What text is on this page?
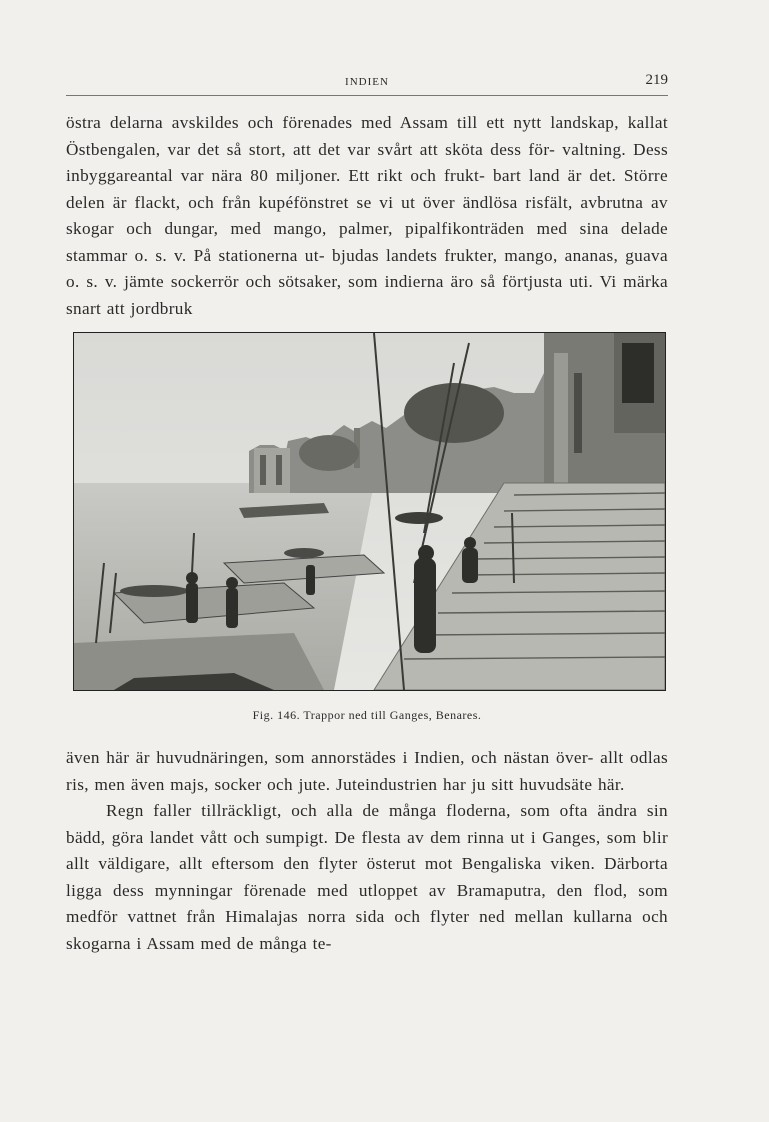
INDIEN	219

östra delarna avskildes och förenades med Assam till ett nytt landskap, kallat Östbengalen, var det så stort, att det var svårt att sköta dess för- valtning. Dess inbyggareantal var nära 80 miljoner. Ett rikt och frukt- bart land är det. Större delen är flackt, och från kupéfönstret se vi ut över ändlösa risfält, avbrutna av skogar och dungar, med mango, palmer, pipalfikonträden med sina delade stammar o. s. v. På stationerna ut- bjudas landets frukter, mango, ananas, guava o. s. v. jämte sockerrör och sötsaker, som indierna äro så förtjusta uti. Vi märka snart att jordbruk

Fig. 146. Trappor ned till Ganges, Benares.

även här är huvudnäringen, som annorstädes i Indien, och nästan över- allt odlas ris, men även majs, socker och jute. Juteindustrien har ju sitt huvudsäte här.

Regn faller tillräckligt, och alla de många floderna, som ofta ändra sin bädd, göra landet vått och sumpigt. De flesta av dem rinna ut i Ganges, som blir allt väldigare, allt eftersom den flyter österut mot Bengaliska viken. Därborta ligga dess mynningar förenade med utloppet av Bramaputra, den flod, som medför vattnet från Himalajas norra sida och flyter ned mellan kullarna och skogarna i Assam med de många te-
